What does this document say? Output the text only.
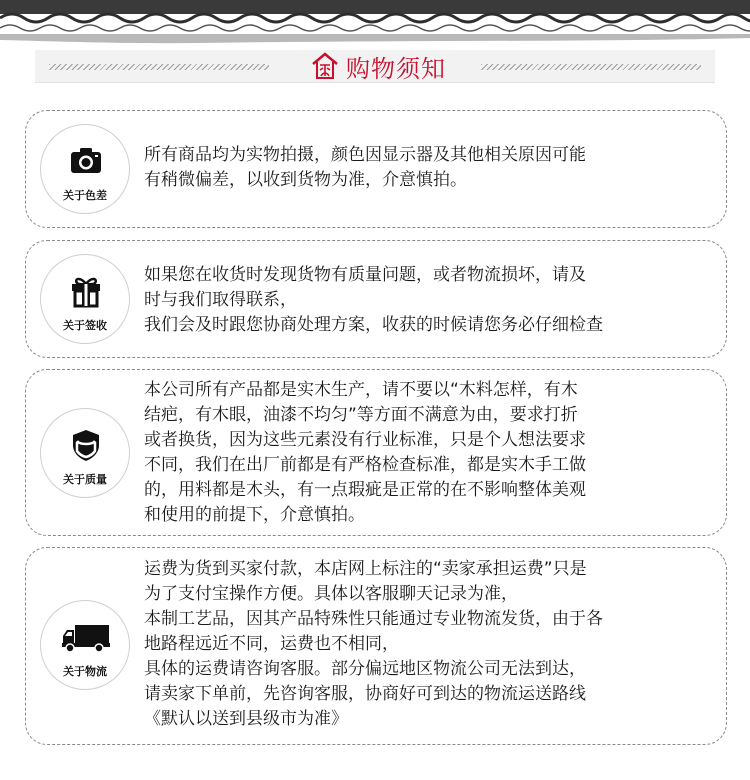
购物须知
关于色差
所有商品均为实物拍摄，颜色因显示器及其他相关原因可能
有稍微偏差，以收到货物为准，介意慎拍。
关于签收
如果您在收货时发现货物有质量问题，或者物流损坏，请及
时与我们取得联系，
我们会及时跟您协商处理方案，收获的时候请您务必仔细检查
关于质量
本公司所有产品都是实木生产，请不要以“木料怎样，有木
结疤，有木眼，油漆不均匀”等方面不满意为由，要求打折
或者换货，因为这些元素没有行业标准，只是个人想法要求
不同，我们在出厂前都是有严格检查标准，都是实木手工做
的，用料都是木头，有一点瑕疵是正常的在不影响整体美观
和使用的前提下，介意慎拍。
关于物流
运费为货到买家付款，本店网上标注的“卖家承担运费”只是
为了支付宝操作方便。具体以客服聊天记录为准，
本制工艺品，因其产品特殊性只能通过专业物流发货，由于各
地路程远近不同，运费也不相同，
具体的运费请咨询客服。部分偏远地区物流公司无法到达，
请卖家下单前，先咨询客服，协商好可到达的物流运送路线
《默认以送到县级市为准》
